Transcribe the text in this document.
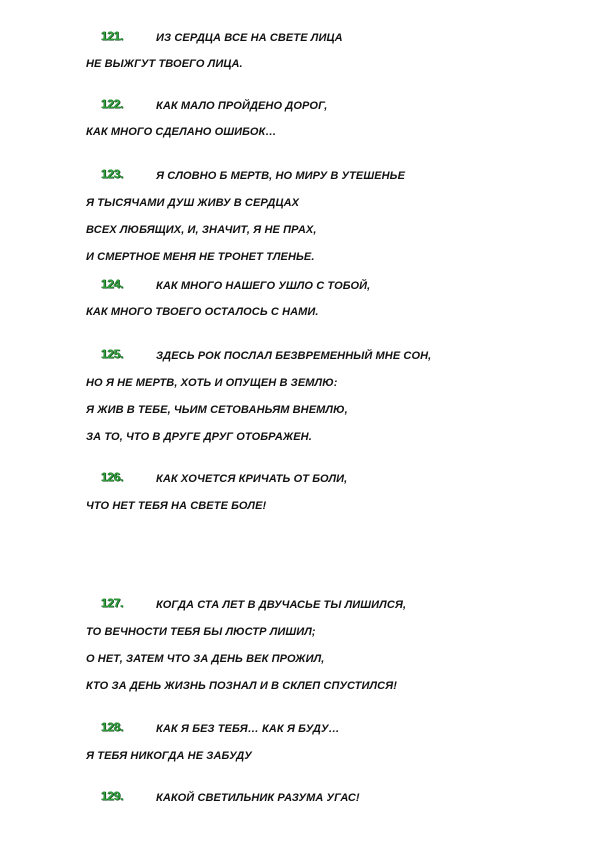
121.	ИЗ СЕРДЦА ВСЕ НА СВЕТЕ ЛИЦА
НЕ ВЫЖГУТ ТВОЕГО ЛИЦА.
122.	КАК МАЛО ПРОЙДЕНО ДОРОГ,
КАК МНОГО СДЕЛАНО ОШИБОК…
123.	Я СЛОВНО Б МЕРТВ, НО МИРУ В УТЕШЕНЬЕ
Я ТЫСЯЧАМИ ДУШ ЖИВУ В СЕРДЦАХ
ВСЕХ ЛЮБЯЩИХ, И, ЗНАЧИТ, Я НЕ ПРАХ,
И СМЕРТНОЕ МЕНЯ НЕ ТРОНЕТ ТЛЕНЬЕ.
124.	КАК МНОГО НАШЕГО УШЛО С ТОБОЙ,
КАК МНОГО ТВОЕГО ОСТАЛОСЬ С НАМИ.
125.	ЗДЕСЬ РОК ПОСЛАЛ БЕЗВРЕМЕННЫЙ МНЕ СОН,
НО Я НЕ МЕРТВ, ХОТЬ И ОПУЩЕН В ЗЕМЛЮ:
Я ЖИВ В ТЕБЕ, ЧЬИМ СЕТОВАНЬЯМ ВНЕМЛЮ,
ЗА ТО, ЧТО В ДРУГЕ ДРУГ ОТОБРАЖЕН.
126.	КАК ХОЧЕТСЯ КРИЧАТЬ ОТ БОЛИ,
ЧТО НЕТ ТЕБЯ НА СВЕТЕ БОЛЕ!
127.	КОГДА СТА ЛЕТ В ДВУЧАСЬЕ ТЫ ЛИШИЛСЯ,
ТО ВЕЧНОСТИ ТЕБЯ БЫ ЛЮСТР ЛИШИЛ;
О НЕТ, ЗАТЕМ ЧТО ЗА ДЕНЬ ВЕК ПРОЖИЛ,
КТО ЗА ДЕНЬ ЖИЗНЬ ПОЗНАЛ И В СКЛЕП СПУСТИЛСЯ!
128.	КАК Я БЕЗ ТЕБЯ… КАК Я БУДУ…
Я ТЕБЯ НИКОГДА НЕ ЗАБУДУ
129.	КАКОЙ СВЕТИЛЬНИК РАЗУМА УГАС!
